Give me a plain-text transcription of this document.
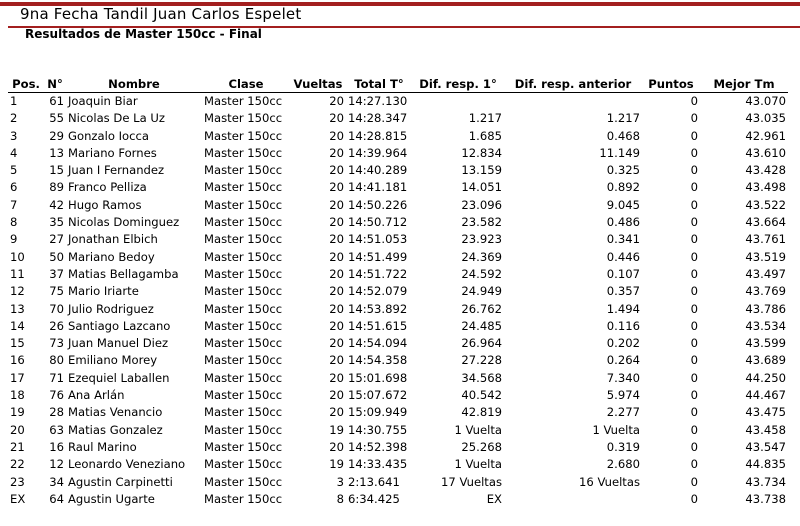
9na Fecha Tandil Juan Carlos Espelet
Resultados de Master 150cc - Final
Pos.	N°	Nombre	Clase	Vueltas	Total T°	Dif. resp. 1°	Dif. resp. anterior	Puntos	Mejor Tm
1	61	Joaquin Biar	Master 150cc	20	14:27.130			0	43.070
2	55	Nicolas De La Uz	Master 150cc	20	14:28.347	1.217	1.217	0	43.035
3	29	Gonzalo Iocca	Master 150cc	20	14:28.815	1.685	0.468	0	42.961
4	13	Mariano Fornes	Master 150cc	20	14:39.964	12.834	11.149	0	43.610
5	15	Juan I Fernandez	Master 150cc	20	14:40.289	13.159	0.325	0	43.428
6	89	Franco Pelliza	Master 150cc	20	14:41.181	14.051	0.892	0	43.498
7	42	Hugo Ramos	Master 150cc	20	14:50.226	23.096	9.045	0	43.522
8	35	Nicolas Dominguez	Master 150cc	20	14:50.712	23.582	0.486	0	43.664
9	27	Jonathan Elbich	Master 150cc	20	14:51.053	23.923	0.341	0	43.761
10	50	Mariano Bedoy	Master 150cc	20	14:51.499	24.369	0.446	0	43.519
11	37	Matias Bellagamba	Master 150cc	20	14:51.722	24.592	0.107	0	43.497
12	75	Mario Iriarte	Master 150cc	20	14:52.079	24.949	0.357	0	43.769
13	70	Julio Rodriguez	Master 150cc	20	14:53.892	26.762	1.494	0	43.786
14	26	Santiago Lazcano	Master 150cc	20	14:51.615	24.485	0.116	0	43.534
15	73	Juan Manuel Diez	Master 150cc	20	14:54.094	26.964	0.202	0	43.599
16	80	Emiliano Morey	Master 150cc	20	14:54.358	27.228	0.264	0	43.689
17	71	Ezequiel Laballen	Master 150cc	20	15:01.698	34.568	7.340	0	44.250
18	76	Ana Arlán	Master 150cc	20	15:07.672	40.542	5.974	0	44.467
19	28	Matias Venancio	Master 150cc	20	15:09.949	42.819	2.277	0	43.475
20	63	Matias Gonzalez	Master 150cc	19	14:30.755	1 Vuelta	1 Vuelta	0	43.458
21	16	Raul Marino	Master 150cc	20	14:52.398	25.268	0.319	0	43.547
22	12	Leonardo Veneziano	Master 150cc	19	14:33.435	1 Vuelta	2.680	0	44.835
23	34	Agustin Carpinetti	Master 150cc	3	2:13.641	17 Vueltas	16 Vueltas	0	43.734
EX	64	Agustin Ugarte	Master 150cc	8	6:34.425	EX		0	43.738
